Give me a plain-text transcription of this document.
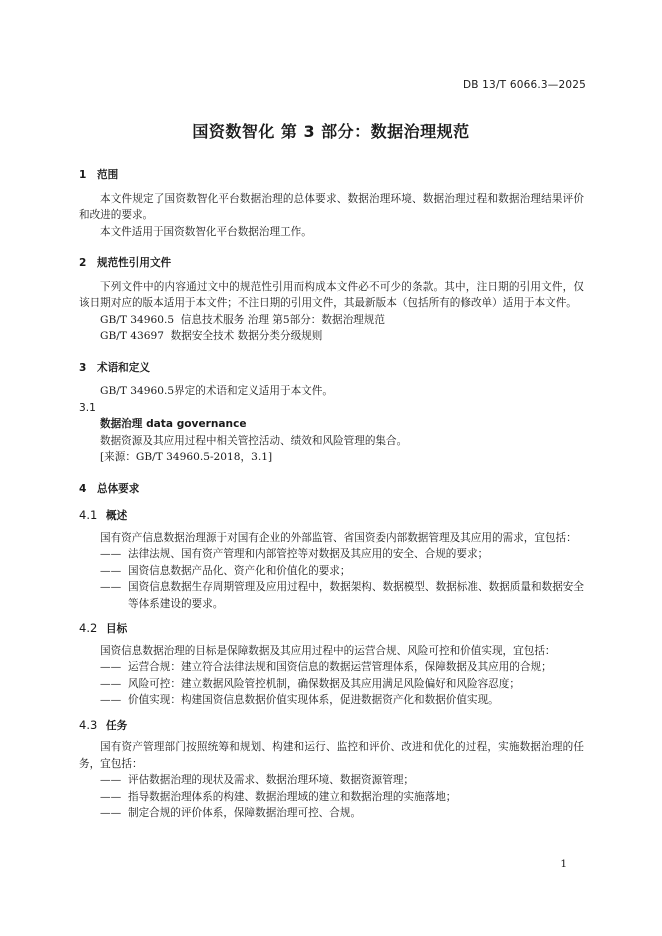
DB 13/T 6066.3—2025
国资数智化 第 3 部分：数据治理规范
1 范围

本文件规定了国资数智化平台数据治理的总体要求、数据治理环境、数据治理过程和数据治理结果评价和改进的要求。

本文件适用于国资数智化平台数据治理工作。

2 规范性引用文件

下列文件中的内容通过文中的规范性引用而构成本文件必不可少的条款。其中，注日期的引用文件，仅该日期对应的版本适用于本文件；不注日期的引用文件，其最新版本（包括所有的修改单）适用于本文件。

GB/T 34960.5  信息技术服务 治理 第5部分：数据治理规范

GB/T 43697  数据安全技术 数据分类分级规则

3 术语和定义

GB/T 34960.5界定的术语和定义适用于本文件。

3.1
数据治理 data governance
数据资源及其应用过程中相关管控活动、绩效和风险管理的集合。
[来源：GB/T 34960.5-2018，3.1]
4 总体要求
4.1 概述

国有资产信息数据治理源于对国有企业的外部监管、省国资委内部数据管理及其应用的需求，宜包括：

—— 法律法规、国有资产管理和内部管控等对数据及其应用的安全、合规的要求；
—— 国资信息数据产品化、资产化和价值化的要求；
—— 国资信息数据生存周期管理及应用过程中，数据架构、数据模型、数据标准、数据质量和数据安全等体系建设的要求。
4.2 目标

国资信息数据治理的目标是保障数据及其应用过程中的运营合规、风险可控和价值实现，宜包括：

—— 运营合规：建立符合法律法规和国资信息的数据运营管理体系，保障数据及其应用的合规；
—— 风险可控：建立数据风险管控机制，确保数据及其应用满足风险偏好和风险容忍度；
—— 价值实现：构建国资信息数据价值实现体系，促进数据资产化和数据价值实现。
4.3 任务

国有资产管理部门按照统筹和规划、构建和运行、监控和评价、改进和优化的过程，实施数据治理的任务，宜包括：

—— 评估数据治理的现状及需求、数据治理环境、数据资源管理；
—— 指导数据治理体系的构建、数据治理域的建立和数据治理的实施落地；
—— 制定合规的评价体系，保障数据治理可控、合规。
1
